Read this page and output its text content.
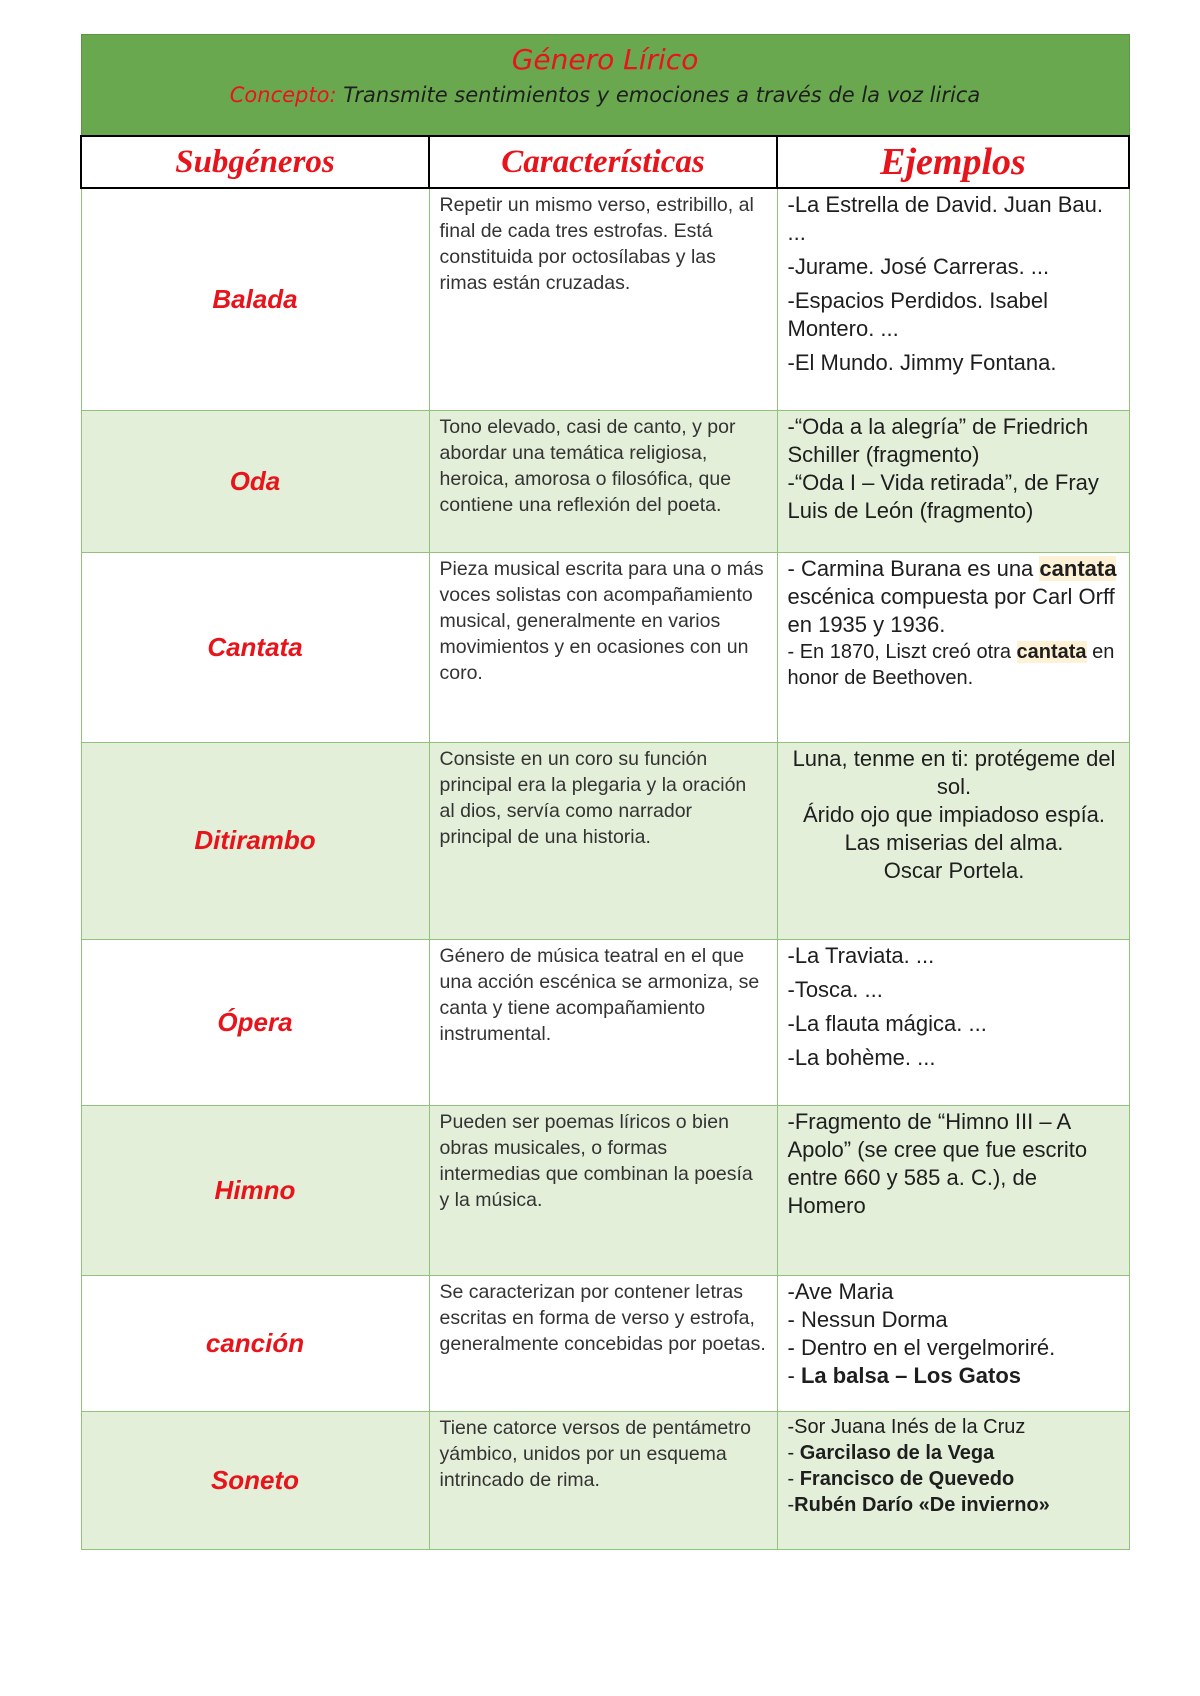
Género Lírico
Concepto: Transmite sentimientos y emociones a través de la voz lirica		

Subgéneros	Características	Ejemplos
Balada	Repetir un mismo verso, estribillo, al final de cada tres estrofas. Está constituida por octosílabas y las rimas están cruzadas.	-La Estrella de David. Juan Bau. ...
-Jurame. José Carreras. ...
-Espacios Perdidos. Isabel Montero. ...
-El Mundo. Jimmy Fontana.

Oda	Tono elevado, casi de canto, y por abordar una temática religiosa, heroica, amorosa o filosófica, que contiene una reflexión del poeta.	-“Oda a la alegría” de Friedrich Schiller (fragmento)
-“Oda I – Vida retirada”, de Fray Luis de León (fragmento)

Cantata	Pieza musical escrita para una o más voces solistas con acompañamiento musical, generalmente en varios movimientos y en ocasiones con un coro.	- Carmina Burana es una cantata escénica compuesta por Carl Orff en 1935 y 1936.
- En 1870, Liszt creó otra cantata en honor de Beethoven.

Ditirambo	Consiste en un coro su función principal era la plegaria y la oración al dios, servía como narrador principal de una historia.	Luna, tenme en ti: protégeme del sol.
Árido ojo que impiadoso espía.
Las miserias del alma.
Oscar Portela.

Ópera	Género de música teatral en el que una acción escénica se armoniza, se canta y tiene acompañamiento instrumental.	-La Traviata. ...
-Tosca. ...
-La flauta mágica. ...
-La bohème. ...

Himno	Pueden ser poemas líricos o bien obras musicales, o formas intermedias que combinan la poesía y la música.	-Fragmento de “Himno III – A Apolo” (se cree que fue escrito entre 660 y 585 a. C.), de Homero

canción	Se caracterizan por contener letras escritas en forma de verso y estrofa, generalmente concebidas por poetas.	-Ave Maria
- Nessun Dorma
- Dentro en el vergelmoriré.
- La balsa – Los Gatos

Soneto	Tiene catorce versos de pentámetro yámbico, unidos por un esquema intrincado de rima.	-Sor Juana Inés de la Cruz
- Garcilaso de la Vega
- Francisco de Quevedo
-Rubén Darío «De invierno»
